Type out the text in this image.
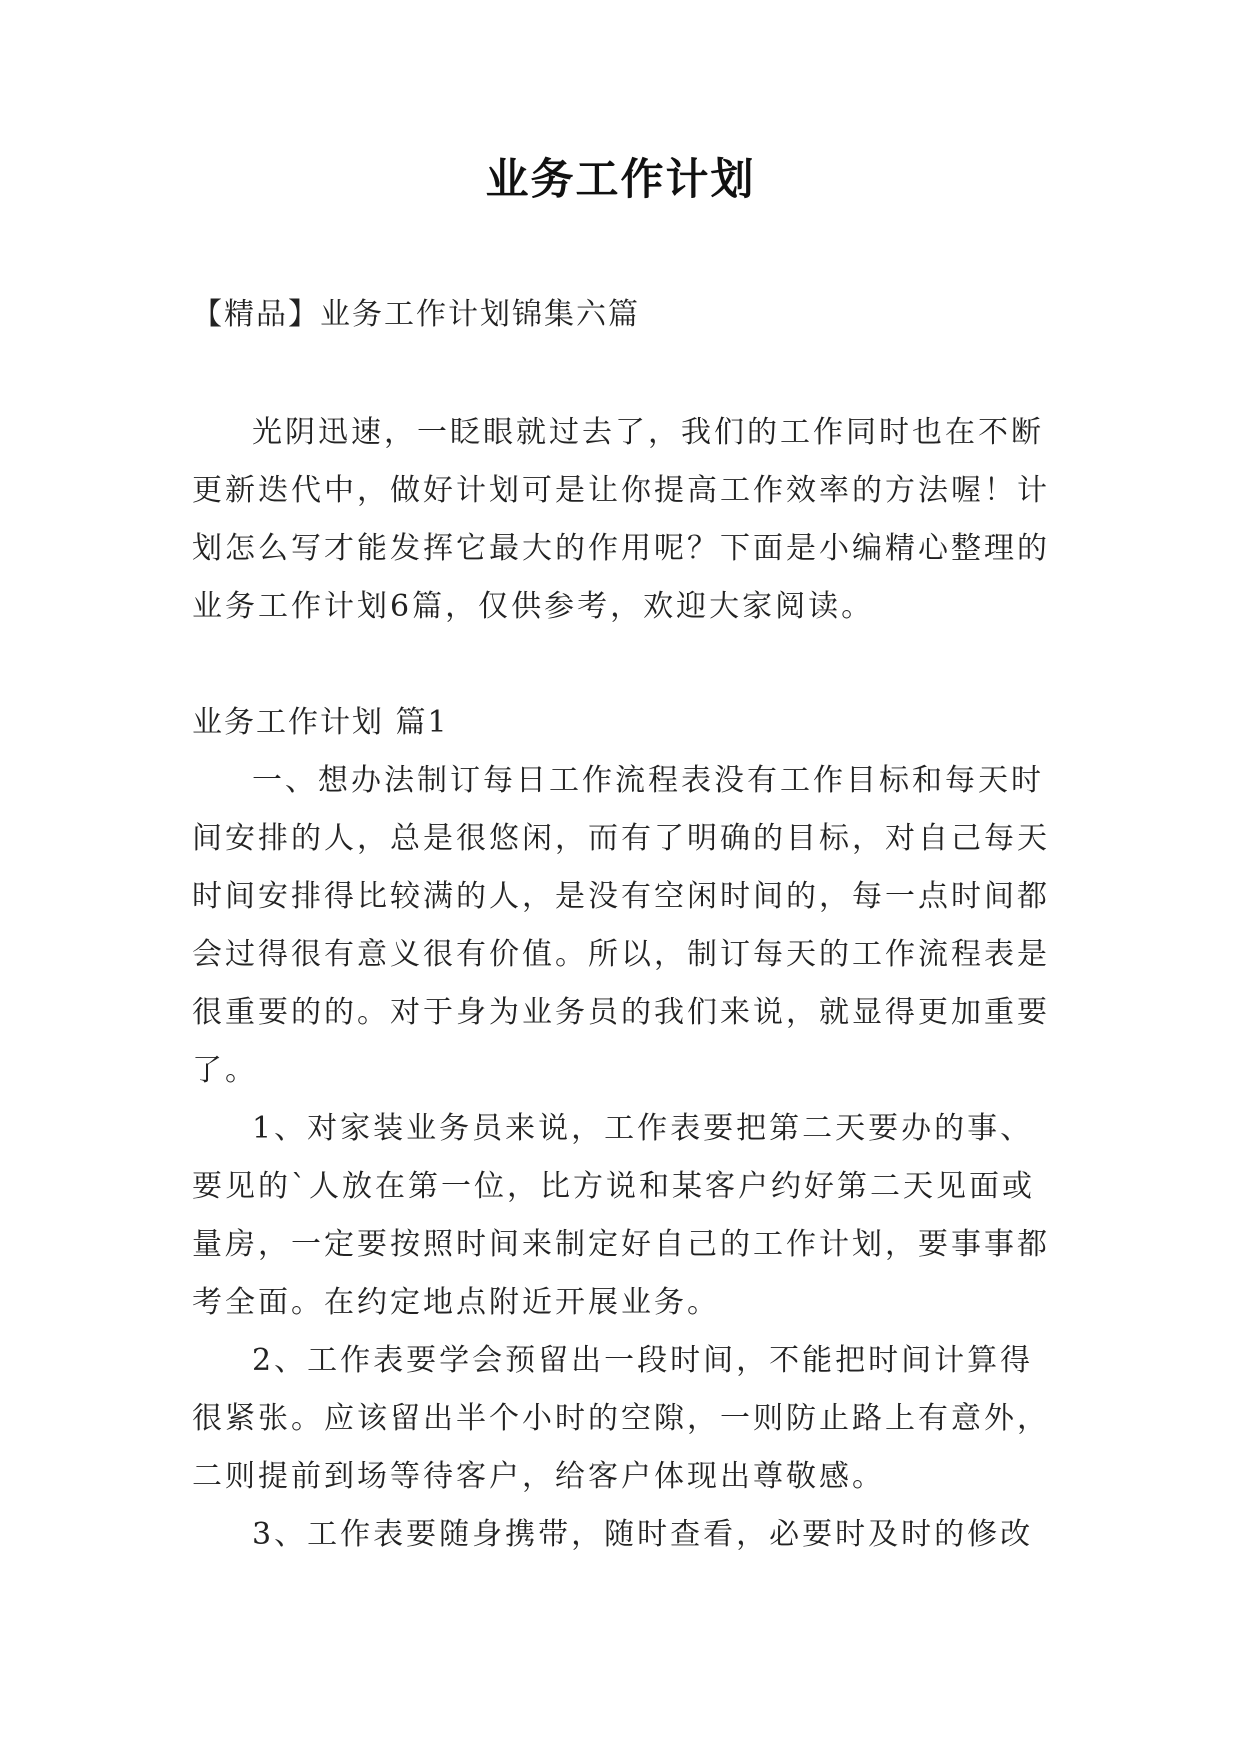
业务工作计划
【精品】业务工作计划锦集六篇

光阴迅速，一眨眼就过去了，我们的工作同时也在不断更新迭代中，做好计划可是让你提高工作效率的方法喔！计划怎么写才能发挥它最大的作用呢？下面是小编精心整理的业务工作计划6篇，仅供参考，欢迎大家阅读。

业务工作计划 篇1

一、想办法制订每日工作流程表没有工作目标和每天时间安排的人，总是很悠闲，而有了明确的目标，对自己每天时间安排得比较满的人，是没有空闲时间的，每一点时间都会过得很有意义很有价值。所以，制订每天的工作流程表是很重要的的。对于身为业务员的我们来说，就显得更加重要了。

1、对家装业务员来说，工作表要把第二天要办的事、要见的`人放在第一位，比方说和某客户约好第二天见面或量房，一定要按照时间来制定好自己的工作计划，要事事都考全面。在约定地点附近开展业务。

2、工作表要学会预留出一段时间，不能把时间计算得很紧张。应该留出半个小时的空隙，一则防止路上有意外，二则提前到场等待客户，给客户体现出尊敬感。

3、工作表要随身携带，随时查看，必要时及时的修改
